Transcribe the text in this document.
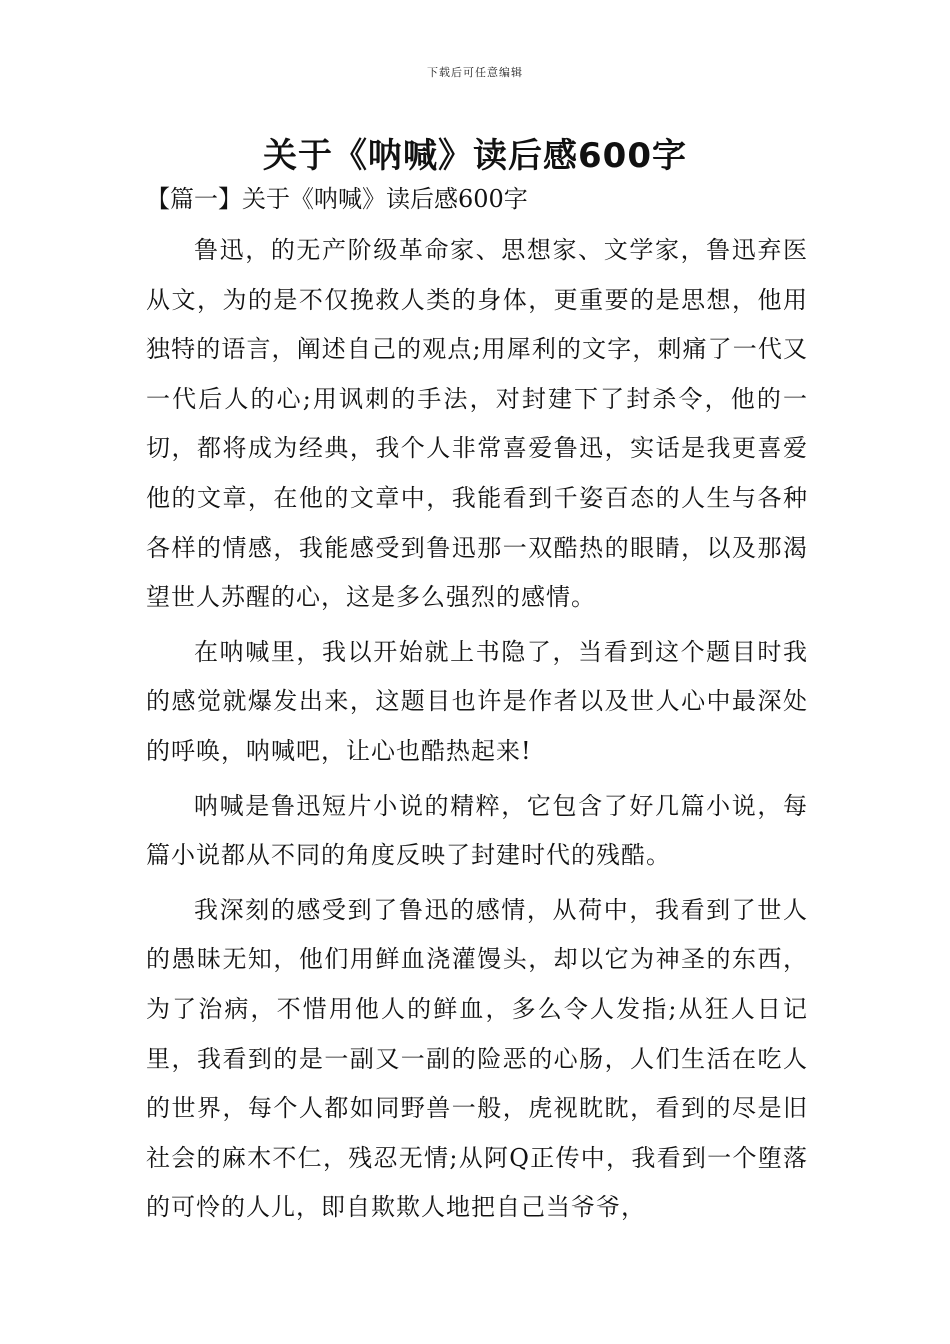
下载后可任意编辑
关于《呐喊》读后感600字
【篇一】关于《呐喊》读后感600字

鲁迅，的无产阶级革命家、思想家、文学家，鲁迅弃医从文，为的是不仅挽救人类的身体，更重要的是思想，他用独特的语言，阐述自己的观点;用犀利的文字，刺痛了一代又一代后人的心;用讽刺的手法，对封建下了封杀令，他的一切，都将成为经典，我个人非常喜爱鲁迅，实话是我更喜爱他的文章，在他的文章中，我能看到千姿百态的人生与各种各样的情感，我能感受到鲁迅那一双酷热的眼睛，以及那渴望世人苏醒的心，这是多么强烈的感情。

在呐喊里，我以开始就上书隐了，当看到这个题目时我的感觉就爆发出来，这题目也许是作者以及世人心中最深处的呼唤，呐喊吧，让心也酷热起来!

呐喊是鲁迅短片小说的精粹，它包含了好几篇小说，每篇小说都从不同的角度反映了封建时代的残酷。

我深刻的感受到了鲁迅的感情，从荷中，我看到了世人的愚昧无知，他们用鲜血浇灌馒头，却以它为神圣的东西，为了治病，不惜用他人的鲜血，多么令人发指;从狂人日记里，我看到的是一副又一副的险恶的心肠，人们生活在吃人的世界，每个人都如同野兽一般，虎视眈眈，看到的尽是旧社会的麻木不仁，残忍无情;从阿Q正传中，我看到一个堕落的可怜的人儿，即自欺欺人地把自己当爷爷，
